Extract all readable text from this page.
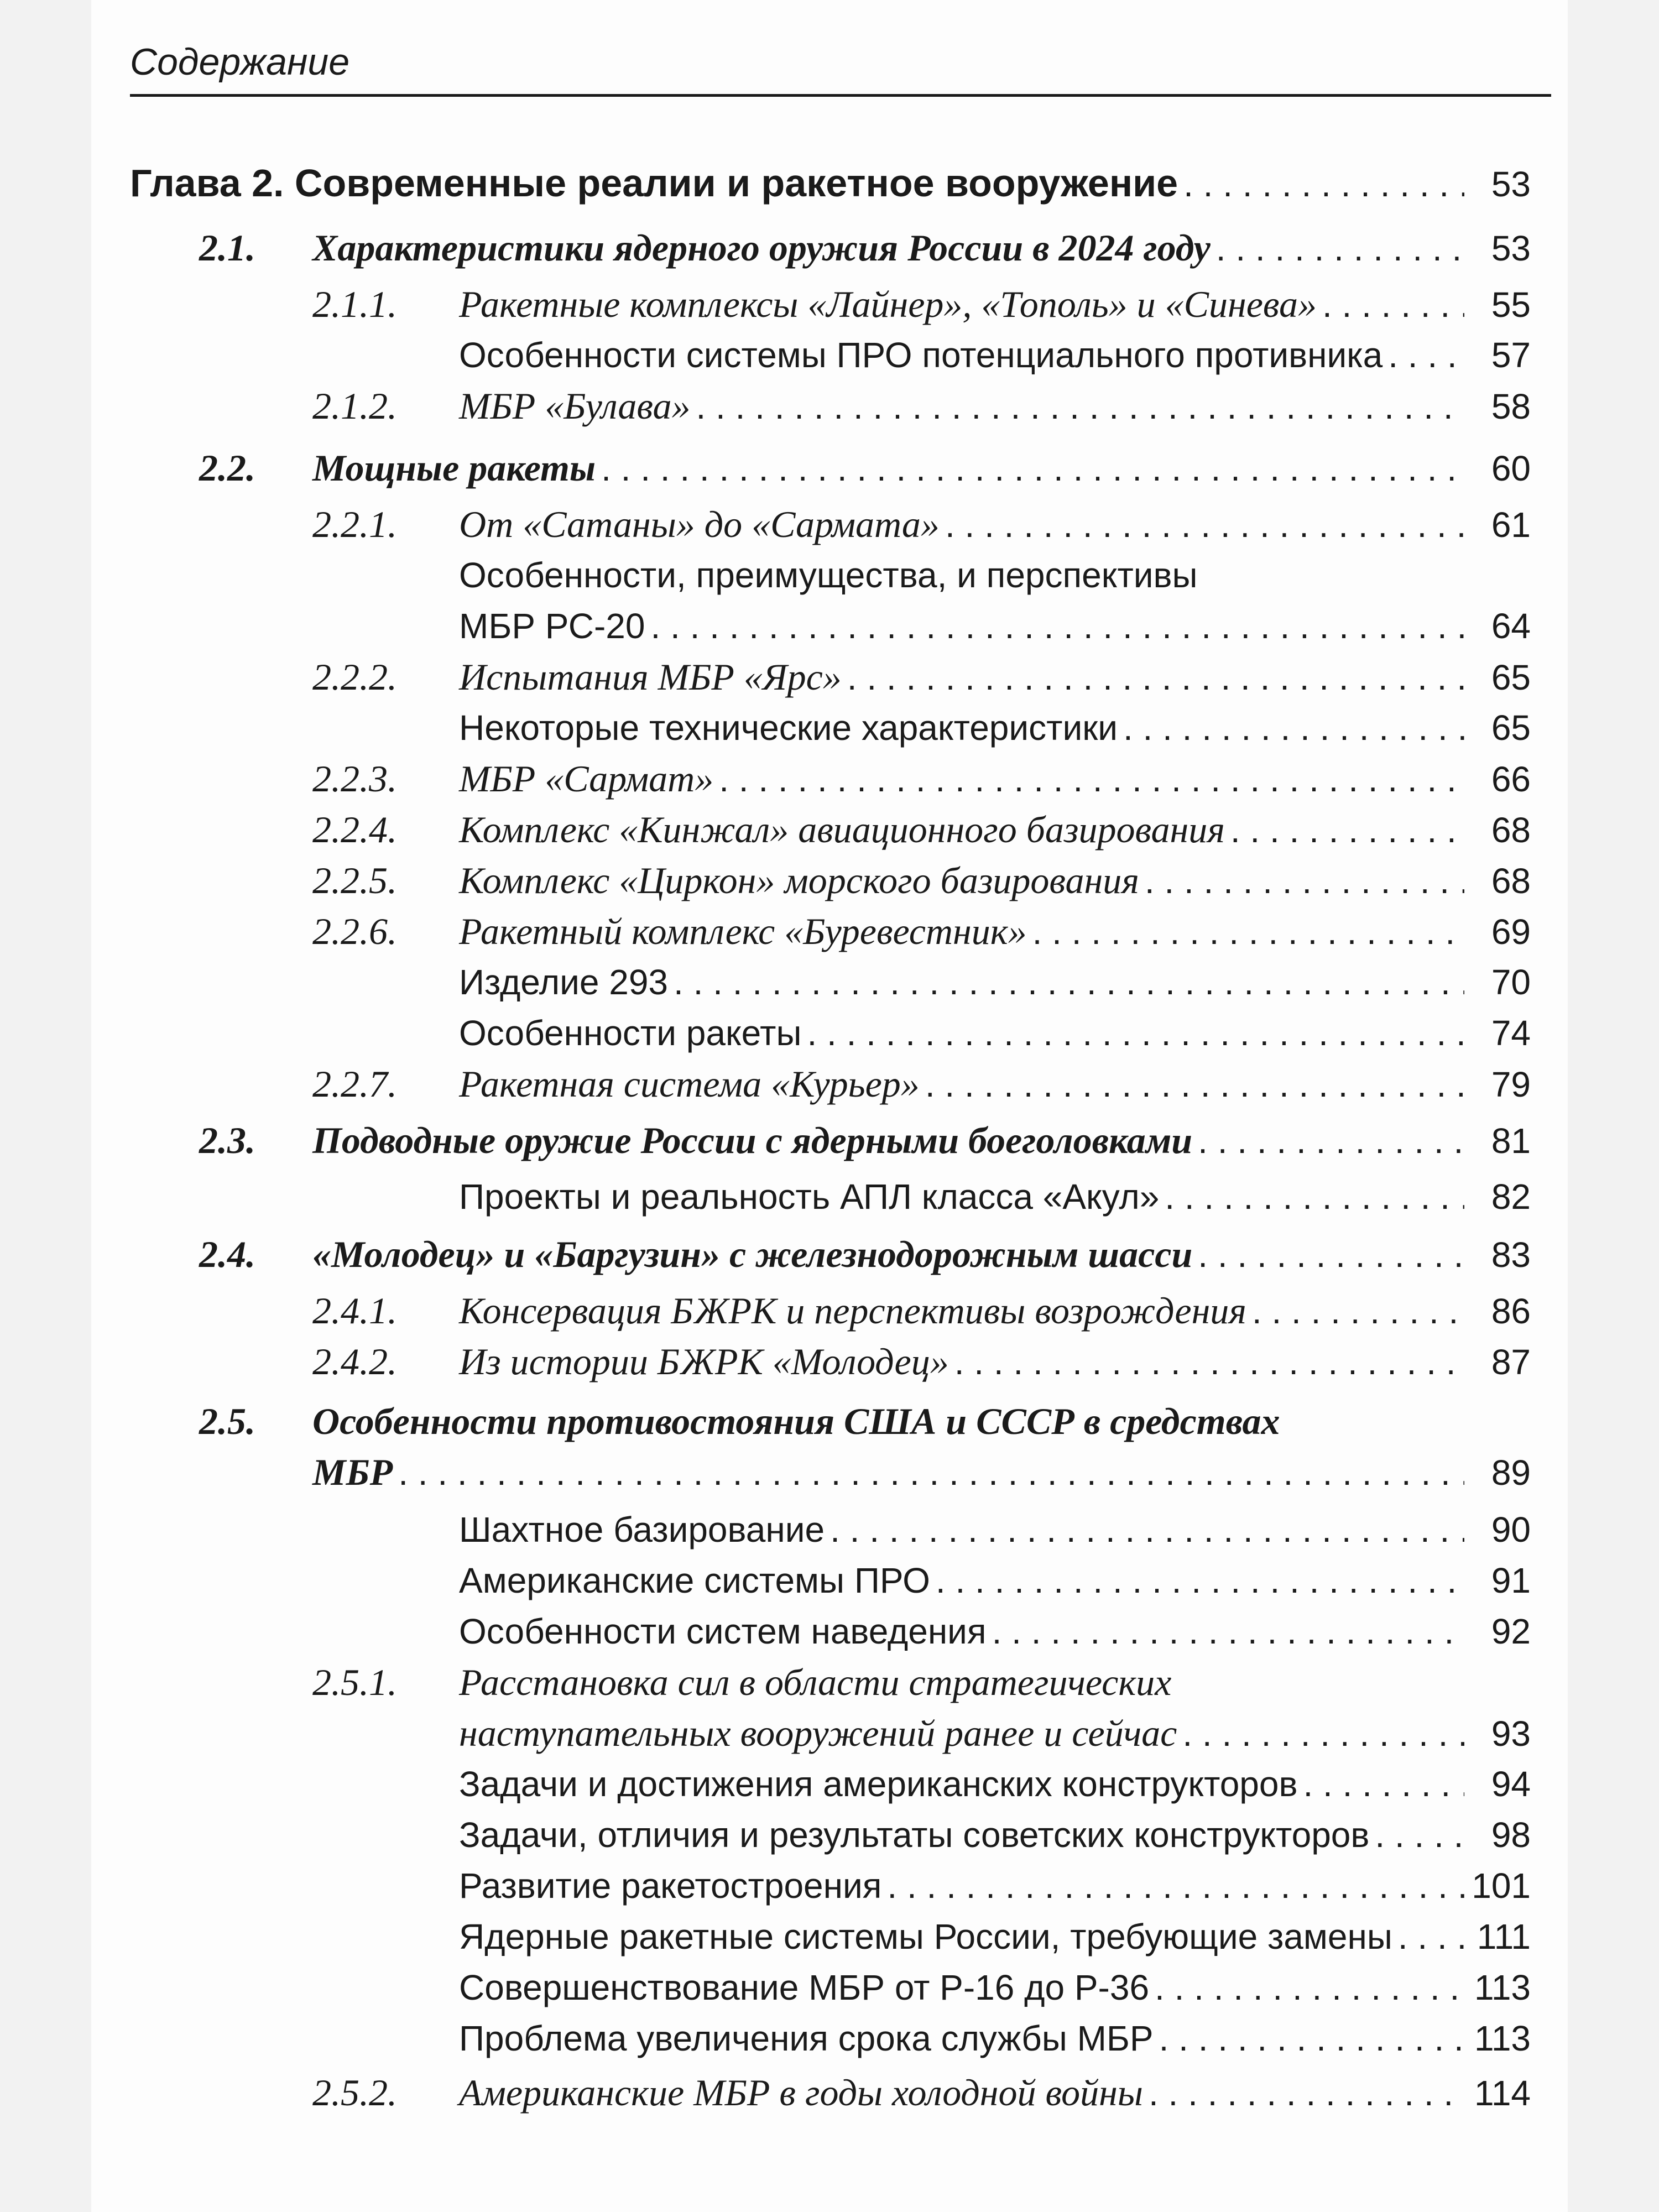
Содержание
Глава 2. Современные реалии и ракетное вооружение . . .	53
2.1. Характеристики ядерного оружия России в 2024 году . . .	53
2.1.1. Ракетные комплексы «Лайнер», «Тополь» и «Синева» . . .	55
Особенности системы ПРО потенциального противника . . .	57
2.1.2. МБР «Булава» . . .	58
2.2. Мощные ракеты . . .	60
2.2.1. От «Сатаны» до «Сармата» . . .	61
Особенности, преимущества, и перспективы
МБР РС-20 . . .	64
2.2.2. Испытания МБР «Ярс» . . .	65
Некоторые технические характеристики . . .	65
2.2.3. МБР «Сармат» . . .	66
2.2.4. Комплекс «Кинжал» авиационного базирования . . .	68
2.2.5. Комплекс «Циркон» морского базирования . . .	68
2.2.6. Ракетный комплекс «Буревестник» . . .	69
Изделие 293 . . .	70
Особенности ракеты . . .	74
2.2.7. Ракетная система «Курьер» . . .	79
2.3. Подводные оружие России с ядерными боеголовками . . .	81
Проекты и реальность АПЛ класса «Акул» . . .	82
2.4. «Молодец» и «Баргузин» с железнодорожным шасси . . .	83
2.4.1. Консервация БЖРК и перспективы возрождения . . .	86
2.4.2. Из истории БЖРК «Молодец» . . .	87
2.5. Особенности противостояния США и СССР в средствах
МБР . . .	89
Шахтное базирование . . .	90
Американские системы ПРО . . .	91
Особенности систем наведения . . .	92
2.5.1. Расстановка сил в области стратегических
наступательных вооружений ранее и сейчас . . .	93
Задачи и достижения американских конструкторов . . .	94
Задачи, отличия и результаты советских конструкторов . . .	98
Развитие ракетостроения . . .	101
Ядерные ракетные системы России, требующие замены . . . 111
Совершенствование МБР от Р-16 до Р-36 . . .	113
Проблема увеличения срока службы МБР . . .	113
2.5.2. Американские МБР в годы холодной войны . . .	114
